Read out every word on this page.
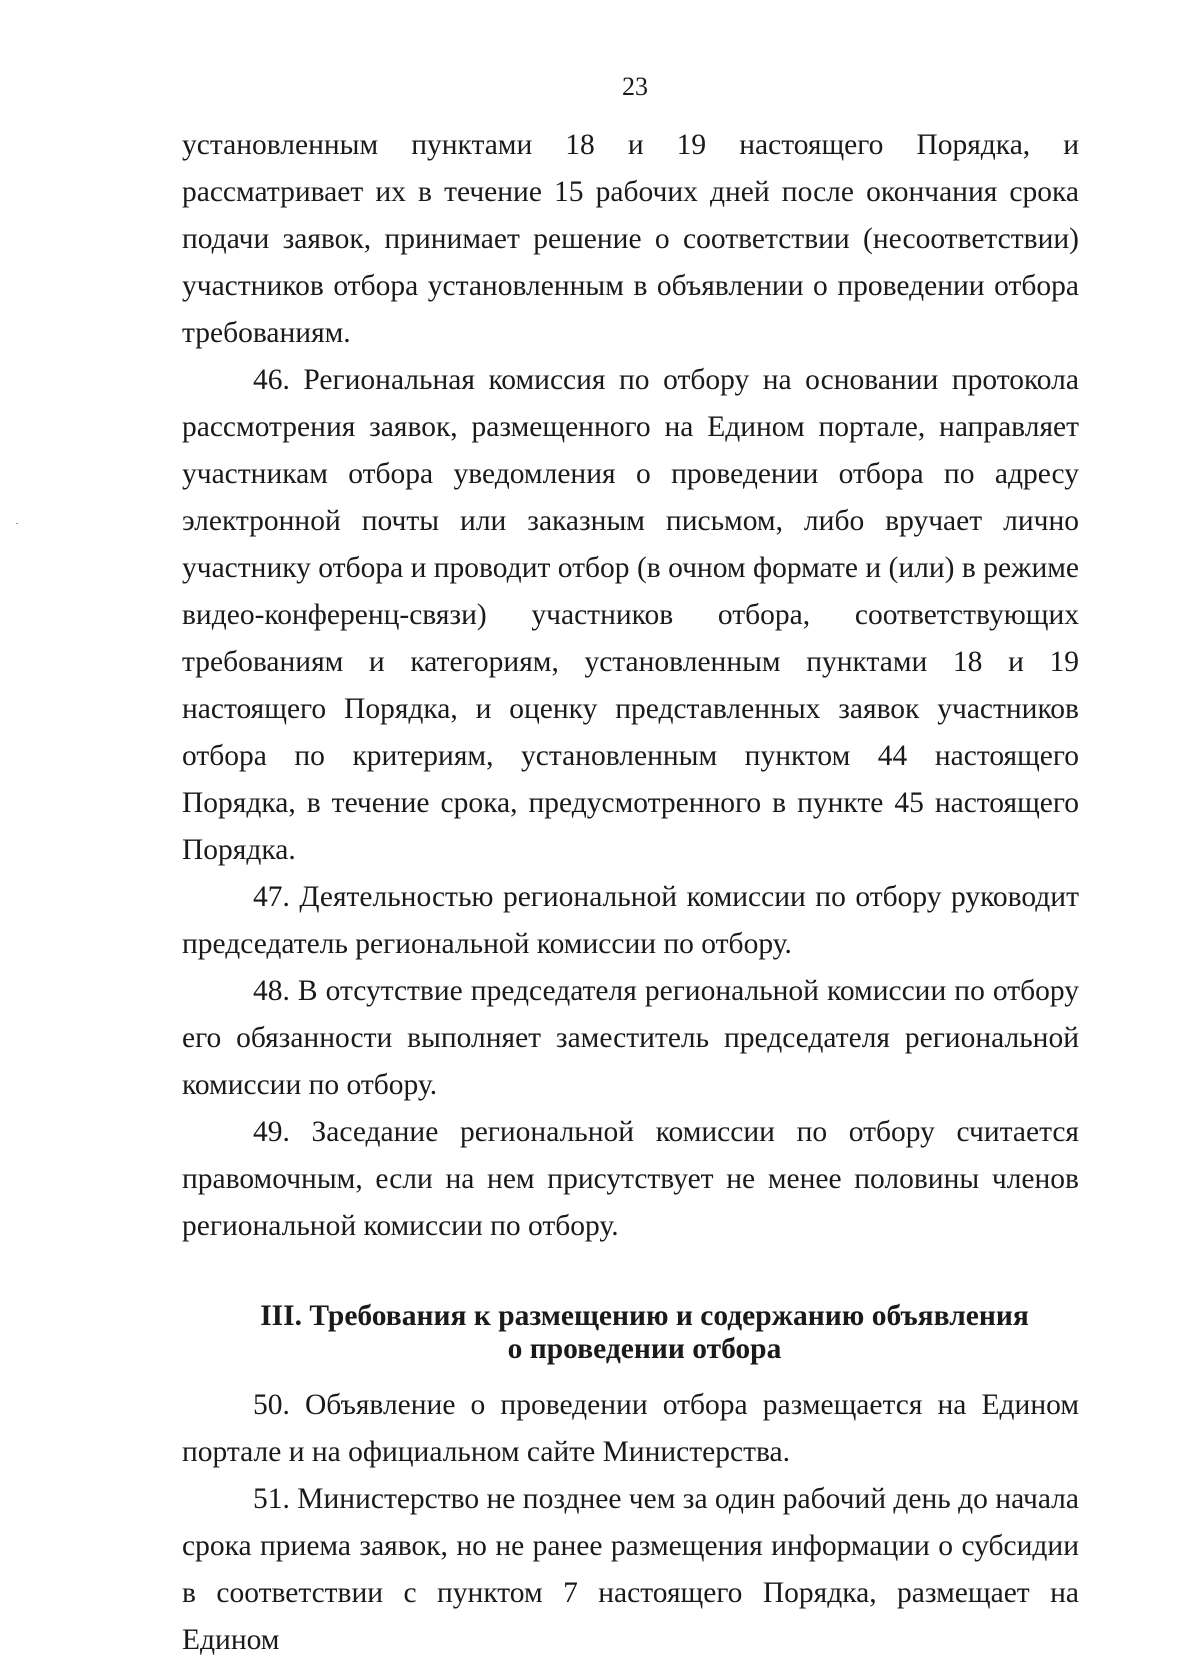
23

установленным пунктами 18 и 19 настоящего Порядка, и рассматривает их в течение 15 рабочих дней после окончания срока подачи заявок, принимает решение о соответствии (несоответствии) участников отбора установленным в объявлении о проведении отбора требованиям.

46. Региональная комиссия по отбору на основании протокола рассмотрения заявок, размещенного на Едином портале, направляет участникам отбора уведомления о проведении отбора по адресу электронной почты или заказным письмом, либо вручает лично участнику отбора и проводит отбор (в очном формате и (или) в режиме видео-конференц-связи) участников отбора, соответствующих требованиям и категориям, установленным пунктами 18 и 19 настоящего Порядка, и оценку представленных заявок участников отбора по критериям, установленным пунктом 44 настоящего Порядка, в течение срока, предусмотренного в пункте 45 настоящего Порядка.

47. Деятельностью региональной комиссии по отбору руководит председатель региональной комиссии по отбору.

48. В отсутствие председателя региональной комиссии по отбору его обязанности выполняет заместитель председателя региональной комиссии по отбору.

49. Заседание региональной комиссии по отбору считается правомочным, если на нем присутствует не менее половины членов региональной комиссии по отбору.

III. Требования к размещению и содержанию объявления
о проведении отбора

50. Объявление о проведении отбора размещается на Едином портале и на официальном сайте Министерства.

51. Министерство не позднее чем за один рабочий день до начала срока приема заявок, но не ранее размещения информации о субсидии в соответствии с пунктом 7 настоящего Порядка, размещает на Едином
